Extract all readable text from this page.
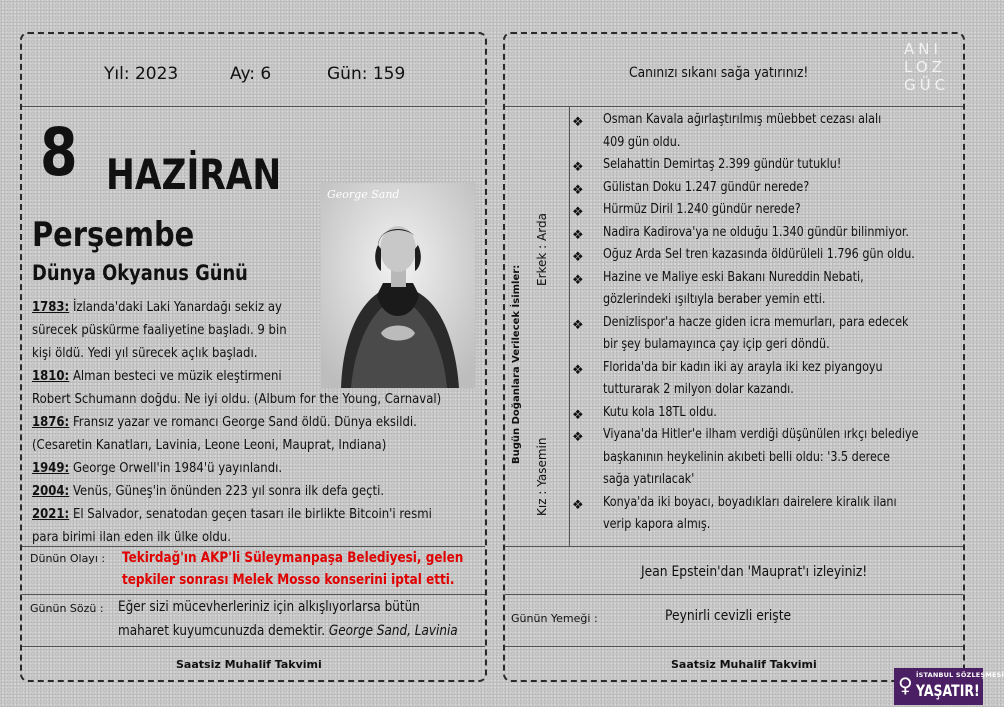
Yıl: 2023	Ay: 6	Gün: 159
8 HAZİRAN
Perşembe
Dünya Okyanus Günü
George Sand
1783: İzlanda'daki Laki Yanardağı sekiz ay
sürecek püskürme faaliyetine başladı. 9 bin
kişi öldü. Yedi yıl sürecek açlık başladı.
1810: Alman besteci ve müzik eleştirmeni
Robert Schumann doğdu. Ne iyi oldu. (Album for the Young, Carnaval)
1876: Fransız yazar ve romancı George Sand öldü. Dünya eksildi.
(Cesaretin Kanatları, Lavinia, Leone Leoni, Mauprat, Indiana)
1949: George Orwell'in 1984'ü yayınlandı.
2004: Venüs, Güneş'in önünden 223 yıl sonra ilk defa geçti.
2021: El Salvador, senatodan geçen tasarı ile birlikte Bitcoin'i resmi
para birimi ilan eden ilk ülke oldu.
Dünün Olayı : Tekirdağ'ın AKP'li Süleymanpaşa Belediyesi, gelen
tepkiler sonrası Melek Mosso konserini iptal etti.
Günün Sözü : Eğer sizi mücevherleriniz için alkışlıyorlarsa bütün
maharet kuyumcunuzda demektir. George Sand, Lavinia
Saatsiz Muhalif Takvimi
Canınızı sıkanı sağa yatırınız!
ANI
LOZ
GÜC
Bugün Doğanlara Verilecek İsimler:
Erkek : Arda
Kız : Yasemin
❖ Osman Kavala ağırlaştırılmış müebbet cezası alalı
409 gün oldu.
❖ Selahattin Demirtaş 2.399 gündür tutuklu!
❖ Gülistan Doku 1.247 gündür nerede?
❖ Hürmüz Diril 1.240 gündür nerede?
❖ Nadira Kadirova'ya ne olduğu 1.340 gündür bilinmiyor.
❖ Oğuz Arda Sel tren kazasında öldürüleli 1.796 gün oldu.
❖ Hazine ve Maliye eski Bakanı Nureddin Nebati,
gözlerindeki ışıltıyla beraber yemin etti.
❖ Denizlispor'a hacze giden icra memurları, para edecek
bir şey bulamayınca çay içip geri döndü.
❖ Florida'da bir kadın iki ay arayla iki kez piyangoyu
tutturarak 2 milyon dolar kazandı.
❖ Kutu kola 18TL oldu.
❖ Viyana'da Hitler'e ilham verdiği düşünülen ırkçı belediye
başkanının heykelinin akıbeti belli oldu: '3.5 derece
sağa yatırılacak'
❖ Konya'da iki boyacı, boyadıkları dairelere kiralık ilanı
verip kapora almış.
Jean Epstein'dan 'Mauprat'ı izleyiniz!
Günün Yemeği :	Peynirli cevizli erişte
Saatsiz Muhalif Takvimi
♀ İSTANBUL SÖZLEŞMESİ
YAŞATIR!
